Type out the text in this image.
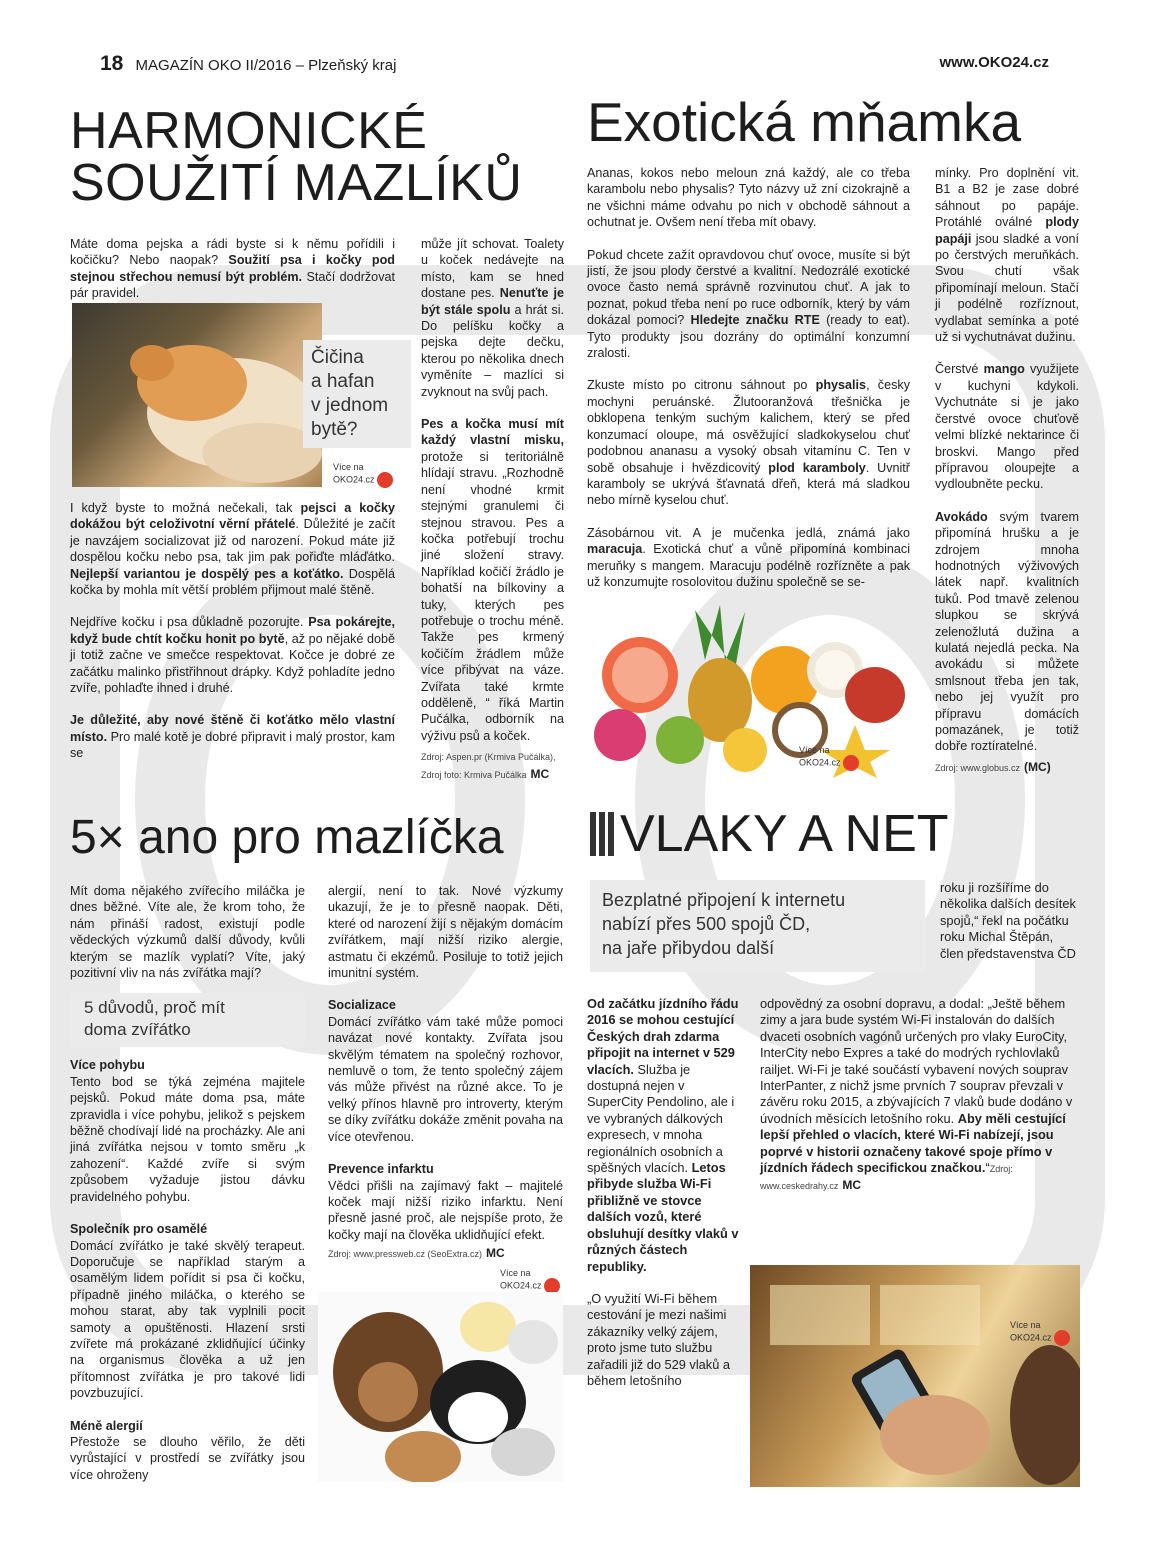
18 MAGAZÍN OKO II/2016 – Plzeňský kraj	www.OKO24.cz
HARMONICKÉ
SOUŽITÍ MAZLÍKŮ

Máte doma pejska a rádi byste si k němu pořídili i kočičku? Nebo naopak? Soužití psa i kočky pod stejnou střechou nemusí být problém. Stačí dodržovat pár pravidel.

Čičina
a hafan
v jednom
bytě?
Více na
OKO24.cz

I když byste to možná nečekali, tak pejsci a kočky dokážou být celoživotní věrní přátelé. Důležité je začít je navzájem socializovat již od narození. Pokud máte již dospělou kočku nebo psa, tak jim pak pořiďte mláďátko. Nejlepší variantou je dospělý pes a koťátko. Dospělá kočka by mohla mít větší problém přijmout malé štěně.

Nejdříve kočku i psa důkladně pozorujte. Psa pokárejte, když bude chtít kočku honit po bytě, až po nějaké době ji totiž začne ve smečce respektovat. Kočce je dobré ze začátku malinko přistřihnout drápky. Když pohladíte jedno zvíře, pohlaďte ihned i druhé.

Je důležité, aby nové štěně či koťátko mělo vlastní místo. Pro malé kotě je dobré připravit i malý prostor, kam se

může jít schovat. Toalety u koček nedávejte na místo, kam se hned dostane pes. Nenuťte je být stále spolu a hrát si. Do pelíšku kočky a pejska dejte dečku, kterou po několika dnech vyměníte – mazlíci si zvyknout na svůj pach.

Pes a kočka musí mít každý vlastní misku, protože si teritoriálně hlídají stravu. „Rozhodně není vhodné krmit stejnými granulemi či stejnou stravou. Pes a kočka potřebují trochu jiné složení stravy. Například kočičí žrádlo je bohatší na bílkoviny a tuky, kterých pes potřebuje o trochu méně. Takže pes krmený kočičím žrádlem může více přibývat na váze. Zvířata také krmte odděleně, “ říká Martin Pučálka, odborník na výživu psů a koček.

Zdroj: Aspen.pr (Krmiva Pučálka), Zdroj foto: Krmiva Pučálka MC
Exotická mňamka

Ananas, kokos nebo meloun zná každý, ale co třeba karambolu nebo physalis? Tyto názvy už zní cizokrajně a ne všichni máme odvahu po nich v obchodě sáhnout a ochutnat je. Ovšem není třeba mít obavy.

Pokud chcete zažít opravdovou chuť ovoce, musíte si být jistí, že jsou plody čerstvé a kvalitní. Nedozrálé exotické ovoce často nemá správně rozvinutou chuť. A jak to poznat, pokud třeba není po ruce odborník, který by vám dokázal pomoci? Hledejte značku RTE (ready to eat). Tyto produkty jsou dozrány do optimální konzumní zralosti.

Zkuste místo po citronu sáhnout po physalis, česky mochyni peruánské. Žlutooranžová třešnička je obklopena tenkým suchým kalichem, který se před konzumací oloupe, má osvěžující sladkokyselou chuť podobnou ananasu a vysoký obsah vitamínu C. Ten v sobě obsahuje i hvězdicovitý plod karamboly. Uvnitř karamboly se ukrývá šťavnatá dřeň, která má sladkou nebo mírně kyselou chuť.

Zásobárnou vit. A je mučenka jedlá, známá jako maracuja. Exotická chuť a vůně připomíná kombinaci meruňky s mangem. Maracuju podélně rozřízněte a pak už konzumujte rosolovitou dužinu společně se se-

Více na
OKO24.cz

mínky. Pro doplnění vit. B1 a B2 je zase dobré sáhnout po papáje. Protáhlé oválné plody papáji jsou sladké a voní po čerstvých meruňkách. Svou chutí však připomínají meloun. Stačí ji podélně rozříznout, vydlabat semínka a poté už si vychutnávat dužinu.

Čerstvé mango využijete v kuchyni kdykoli. Vychutnáte si je jako čerstvé ovoce chuťově velmi blízké nektarince či broskvi. Mango před přípravou oloupejte a vydloubněte pecku.

Avokádo svým tvarem připomíná hrušku a je zdrojem mnoha hodnotných výživových látek např. kvalitních tuků. Pod tmavě zelenou slupkou se skrývá zelenožlutá dužina a kulatá nejedlá pecka. Na avokádu si můžete smlsnout třeba jen tak, nebo jej využít pro přípravu domácích pomazánek, je totiž dobře roztíratelné.

Zdroj: www.globus.cz (MC)
5× ano pro mazlíčka

Mít doma nějakého zvířecího miláčka je dnes běžné. Víte ale, že krom toho, že nám přináší radost, existují podle vědeckých výzkumů další důvody, kvůli kterým se mazlík vyplatí? Víte, jaký pozitivní vliv na nás zvířátka mají?

5 důvodů, proč mít
doma zvířátko
Více pohybu

Tento bod se týká zejména majitele pejsků. Pokud máte doma psa, máte zpravidla i více pohybu, jelikož s pejskem běžně chodívají lidé na procházky. Ale ani jiná zvířátka nejsou v tomto směru „k zahození“. Každé zvíře si svým způsobem vyžaduje jistou dávku pravidelného pohybu.

Společník pro osamělé

Domácí zvířátko je také skvělý terapeut. Doporučuje se například starým a osamělým lidem pořídit si psa či kočku, případně jiného miláčka, o kterého se mohou starat, aby tak vyplnili pocit samoty a opuštěnosti. Hlazení srsti zvířete má prokázané zklidňující účinky na organismus člověka a už jen přítomnost zvířátka je pro takové lidi povzbuzující.

Méně alergií

Přestože se dlouho věřilo, že děti vyrůstající v prostředí se zvířátky jsou více ohroženy

alergií, není to tak. Nové výzkumy ukazují, že je to přesně naopak. Děti, které od narození žijí s nějakým domácím zvířátkem, mají nižší riziko alergie, astmatu či ekzémů. Posiluje to totiž jejich imunitní systém.

Socializace

Domácí zvířátko vám také může pomoci navázat nové kontakty. Zvířata jsou skvělým tématem na společný rozhovor, nemluvě o tom, že tento společný zájem vás může přivést na různé akce. To je velký přínos hlavně pro introverty, kterým se díky zvířátku dokáže změnit povaha na více otevřenou.

Prevence infarktu

Vědci přišli na zajímavý fakt – majitelé koček mají nižší riziko infarktu. Není přesně jasné proč, ale nejspíše proto, že kočky mají na člověka uklidňující efekt.

Zdroj: www.pressweb.cz (SeoExtra.cz) MC
Více na
OKO24.cz
VLAKY A NET
Bezplatné připojení k internetu
nabízí přes 500 spojů ČD,
na jaře přibydou další
roku ji rozšíříme do několika dalších desítek spojů,“ řekl na počátku roku Michal Štěpán, člen představenstva ČD

Od začátku jízdního řádu 2016 se mohou cestující Českých drah zdarma připojit na internet v 529 vlacích. Služba je dostupná nejen v SuperCity Pendolino, ale i ve vybraných dálkových expresech, v mnoha regionálních osobních a spěšných vlacích. Letos přibyde služba Wi-Fi přibližně ve stovce dalších vozů, které obsluhují desítky vlaků v různých částech republiky.

„O využití Wi-Fi během cestování je mezi našimi zákazníky velký zájem, proto jsme tuto službu zařadili již do 529 vlaků a během letošního

odpovědný za osobní dopravu, a dodal: „Ještě během zimy a jara bude systém Wi-Fi instalován do dalších dvaceti osobních vagónů určených pro vlaky EuroCity, InterCity nebo Expres a také do modrých rychlovlaků railjet. Wi-Fi je také součástí vybavení nových souprav InterPanter, z nichž jsme prvních 7 souprav převzali v závěru roku 2015, a zbývajících 7 vlaků bude dodáno v úvodních měsících letošního roku. Aby měli cestující lepší přehled o vlacích, které Wi-Fi nabízejí, jsou poprvé v historii označeny takové spoje přímo v jízdních řádech specifickou značkou.“Zdroj: www.ceskedrahy.cz MC

Více na
OKO24.cz
